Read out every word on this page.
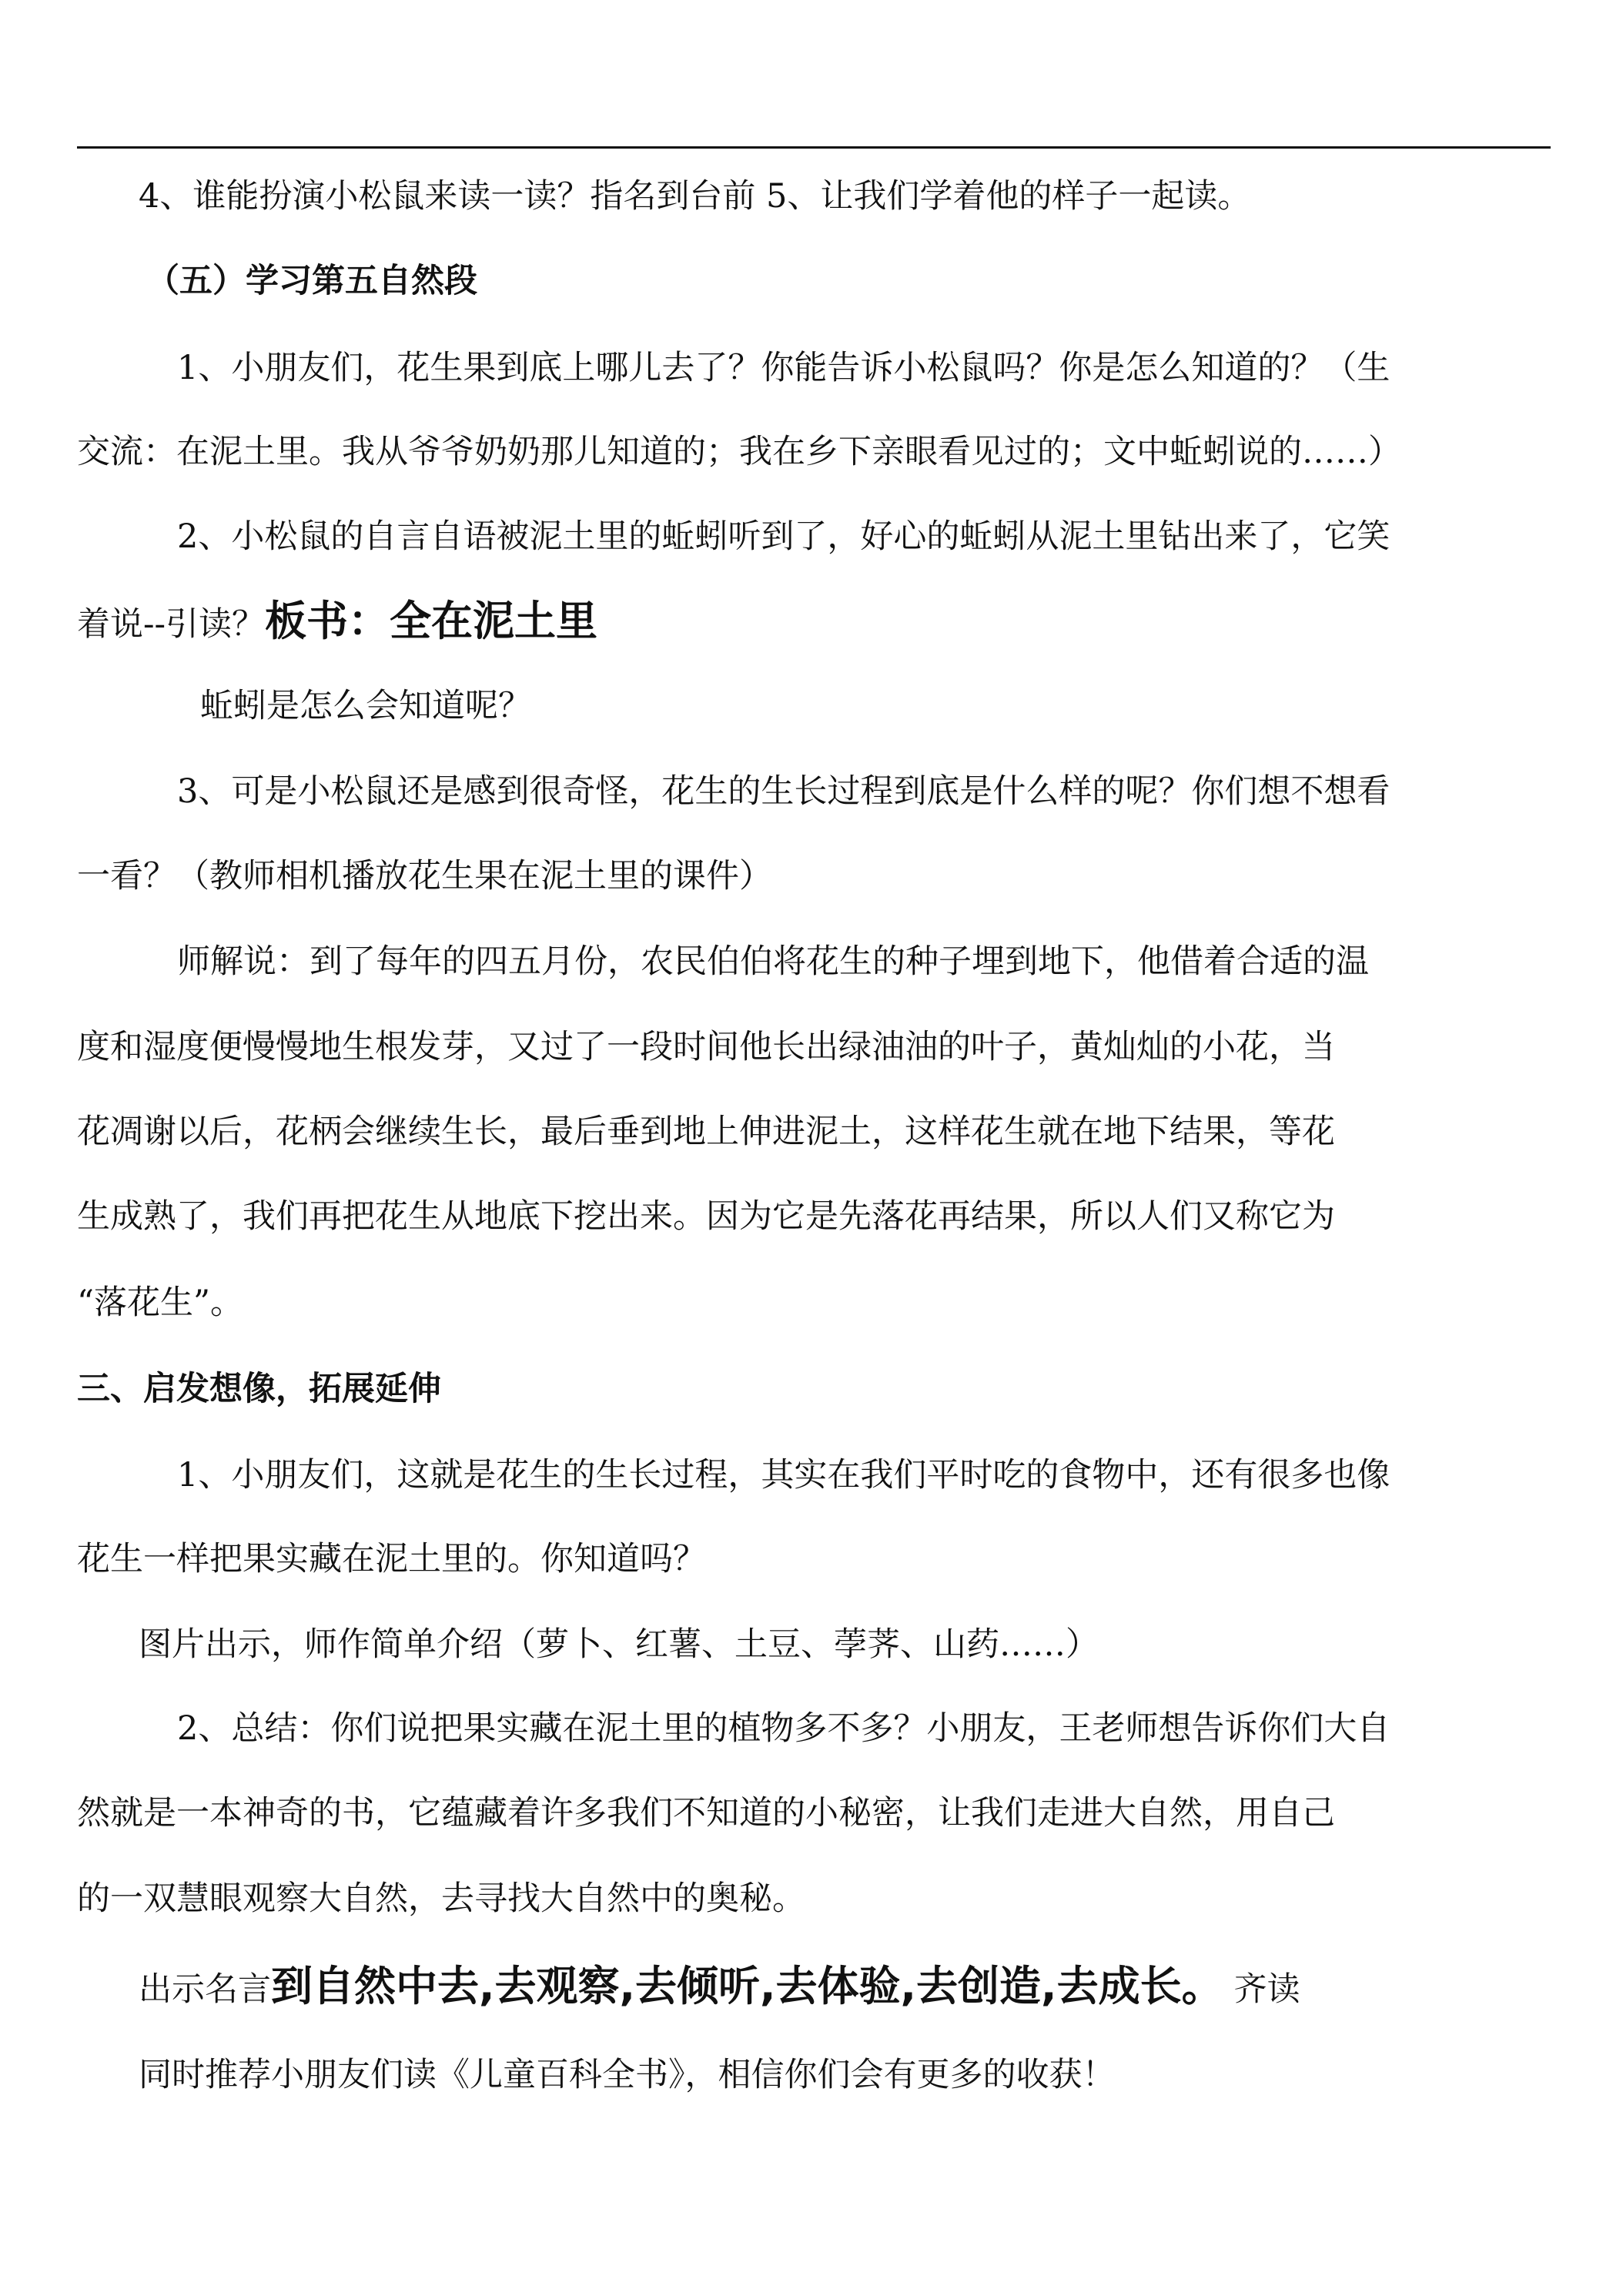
4、谁能扮演小松鼠来读一读？指名到台前 5、让我们学着他的样子一起读。
（五）学习第五自然段
1、小朋友们，花生果到底上哪儿去了？你能告诉小松鼠吗？你是怎么知道的？（生
交流：在泥土里。我从爷爷奶奶那儿知道的；我在乡下亲眼看见过的；文中蚯蚓说的……）
2、小松鼠的自言自语被泥土里的蚯蚓听到了，好心的蚯蚓从泥土里钻出来了，它笑
着说--引读？板书：全在泥土里
蚯蚓是怎么会知道呢？
3、可是小松鼠还是感到很奇怪，花生的生长过程到底是什么样的呢？你们想不想看
一看？（教师相机播放花生果在泥土里的课件）
师解说：到了每年的四五月份，农民伯伯将花生的种子埋到地下，他借着合适的温
度和湿度便慢慢地生根发芽，又过了一段时间他长出绿油油的叶子，黄灿灿的小花，当
花凋谢以后，花柄会继续生长，最后垂到地上伸进泥土，这样花生就在地下结果，等花
生成熟了，我们再把花生从地底下挖出来。因为它是先落花再结果，所以人们又称它为
“落花生”。
三、启发想像，拓展延伸
1、小朋友们，这就是花生的生长过程，其实在我们平时吃的食物中，还有很多也像
花生一样把果实藏在泥土里的。你知道吗？
图片出示，师作简单介绍（萝卜、红薯、土豆、荸荠、山药……）
2、总结：你们说把果实藏在泥土里的植物多不多？小朋友，王老师想告诉你们大自
然就是一本神奇的书，它蕴藏着许多我们不知道的小秘密，让我们走进大自然，用自己
的一双慧眼观察大自然，去寻找大自然中的奥秘。
出示名言到自然中去,去观察,去倾听,去体验,去创造,去成长。 齐读
同时推荐小朋友们读《儿童百科全书》，相信你们会有更多的收获！
